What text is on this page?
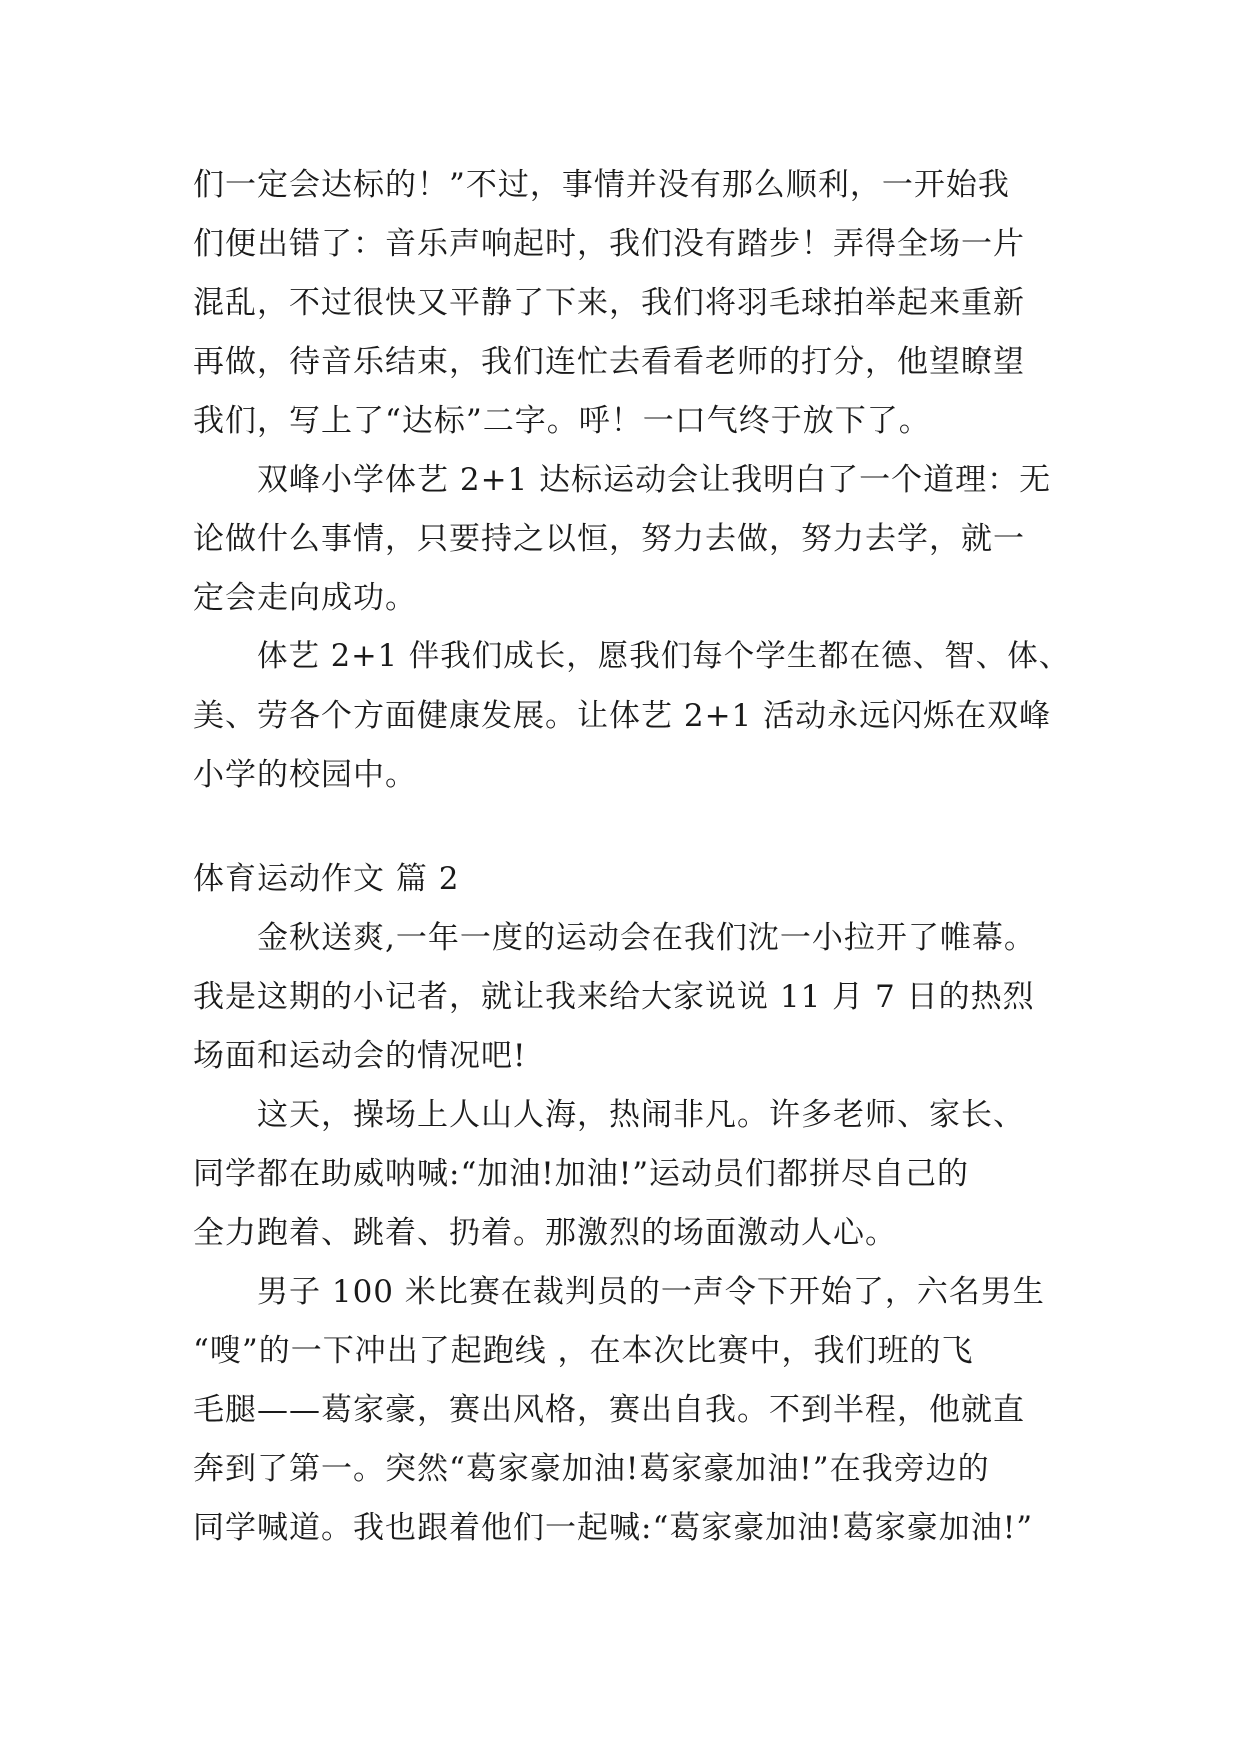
们一定会达标的！”不过，事情并没有那么顺利，一开始我
们便出错了：音乐声响起时，我们没有踏步！弄得全场一片
混乱，不过很快又平静了下来，我们将羽毛球拍举起来重新
再做，待音乐结束，我们连忙去看看老师的打分，他望瞭望
我们，写上了“达标”二字。呼！一口气终于放下了。
双峰小学体艺 2+1 达标运动会让我明白了一个道理：无
论做什么事情，只要持之以恒，努力去做，努力去学，就一
定会走向成功。
体艺 2+1 伴我们成长，愿我们每个学生都在德、智、体、
美、劳各个方面健康发展。让体艺 2+1 活动永远闪烁在双峰
小学的校园中。
体育运动作文 篇 2
金秋送爽,一年一度的运动会在我们沈一小拉开了帷幕。
我是这期的小记者，就让我来给大家说说 11 月 7 日的热烈
场面和运动会的情况吧!
这天，操场上人山人海，热闹非凡。许多老师、家长、
同学都在助威呐喊:“加油!加油!”运动员们都拼尽自己的
全力跑着、跳着、扔着。那激烈的场面激动人心。
男子 100 米比赛在裁判员的一声令下开始了，六名男生
“嗖”的一下冲出了起跑线 ，在本次比赛中，我们班的飞
毛腿——葛家豪，赛出风格，赛出自我。不到半程，他就直
奔到了第一。突然“葛家豪加油!葛家豪加油!”在我旁边的
同学喊道。我也跟着他们一起喊:“葛家豪加油!葛家豪加油!”
